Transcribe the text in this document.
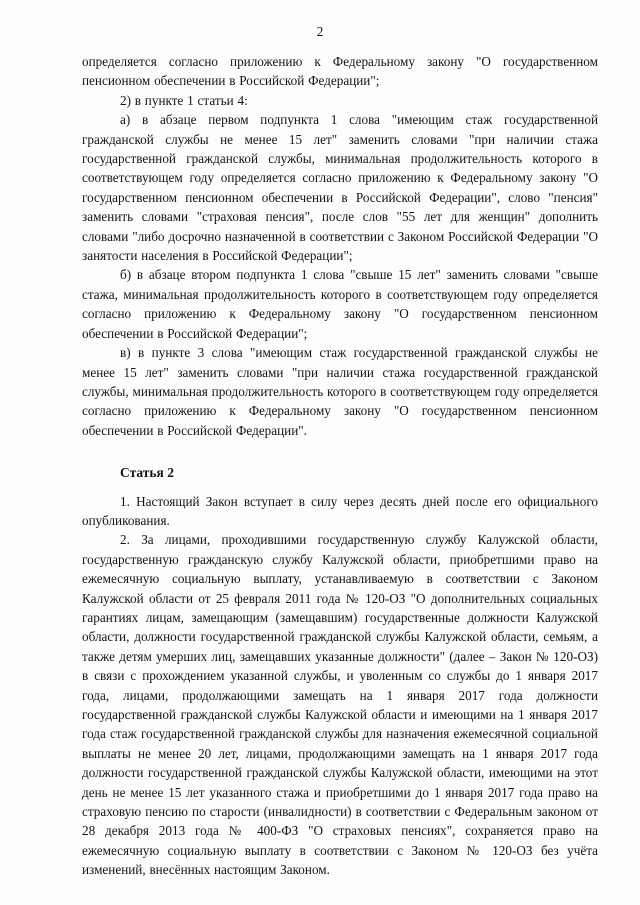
2

определяется согласно приложению к Федеральному закону "О государственном пенсионном обеспечении в Российской Федерации";

2) в пункте 1 статьи 4:

а) в абзаце первом подпункта 1 слова "имеющим стаж государственной гражданской службы не менее 15 лет" заменить словами "при наличии стажа государственной гражданской службы, минимальная продолжительность которого в соответствующем году определяется согласно приложению к Федеральному закону "О государственном пенсионном обеспечении в Российской Федерации", слово "пенсия" заменить словами "страховая пенсия", после слов "55 лет для женщин" дополнить словами "либо досрочно назначенной в соответствии с Законом Российской Федерации "О занятости населения в Российской Федерации";

б) в абзаце втором подпункта 1 слова "свыше 15 лет" заменить словами "свыше стажа, минимальная продолжительность которого в соответствующем году определяется согласно приложению к Федеральному закону "О государственном пенсионном обеспечении в Российской Федерации";

в) в пункте 3 слова "имеющим стаж государственной гражданской службы не менее 15 лет" заменить словами "при наличии стажа государственной гражданской службы, минимальная продолжительность которого в соответствующем году определяется согласно приложению к Федеральному закону "О государственном пенсионном обеспечении в Российской Федерации".

Статья 2

1. Настоящий Закон вступает в силу через десять дней после его официального опубликования.

2. За лицами, проходившими государственную службу Калужской области, государственную гражданскую службу Калужской области, приобретшими право на ежемесячную социальную выплату, устанавливаемую в соответствии с Законом Калужской области от 25 февраля 2011 года № 120-ОЗ "О дополнительных социальных гарантиях лицам, замещающим (замещавшим) государственные должности Калужской области, должности государственной гражданской службы Калужской области, семьям, а также детям умерших лиц, замещавших указанные должности" (далее – Закон № 120-ОЗ) в связи с прохождением указанной службы, и уволенным со службы до 1 января 2017 года, лицами, продолжающими замещать на 1 января 2017 года должности государственной гражданской службы Калужской области и имеющими на 1 января 2017 года стаж государственной гражданской службы для назначения ежемесячной социальной выплаты не менее 20 лет, лицами, продолжающими замещать на 1 января 2017 года должности государственной гражданской службы Калужской области, имеющими на этот день не менее 15 лет указанного стажа и приобретшими до 1 января 2017 года право на страховую пенсию по старости (инвалидности) в соответствии с Федеральным законом от 28 декабря 2013 года № 400-ФЗ "О страховых пенсиях", сохраняется право на ежемесячную социальную выплату в соответствии с Законом № 120-ОЗ без учёта изменений, внесённых настоящим Законом.
